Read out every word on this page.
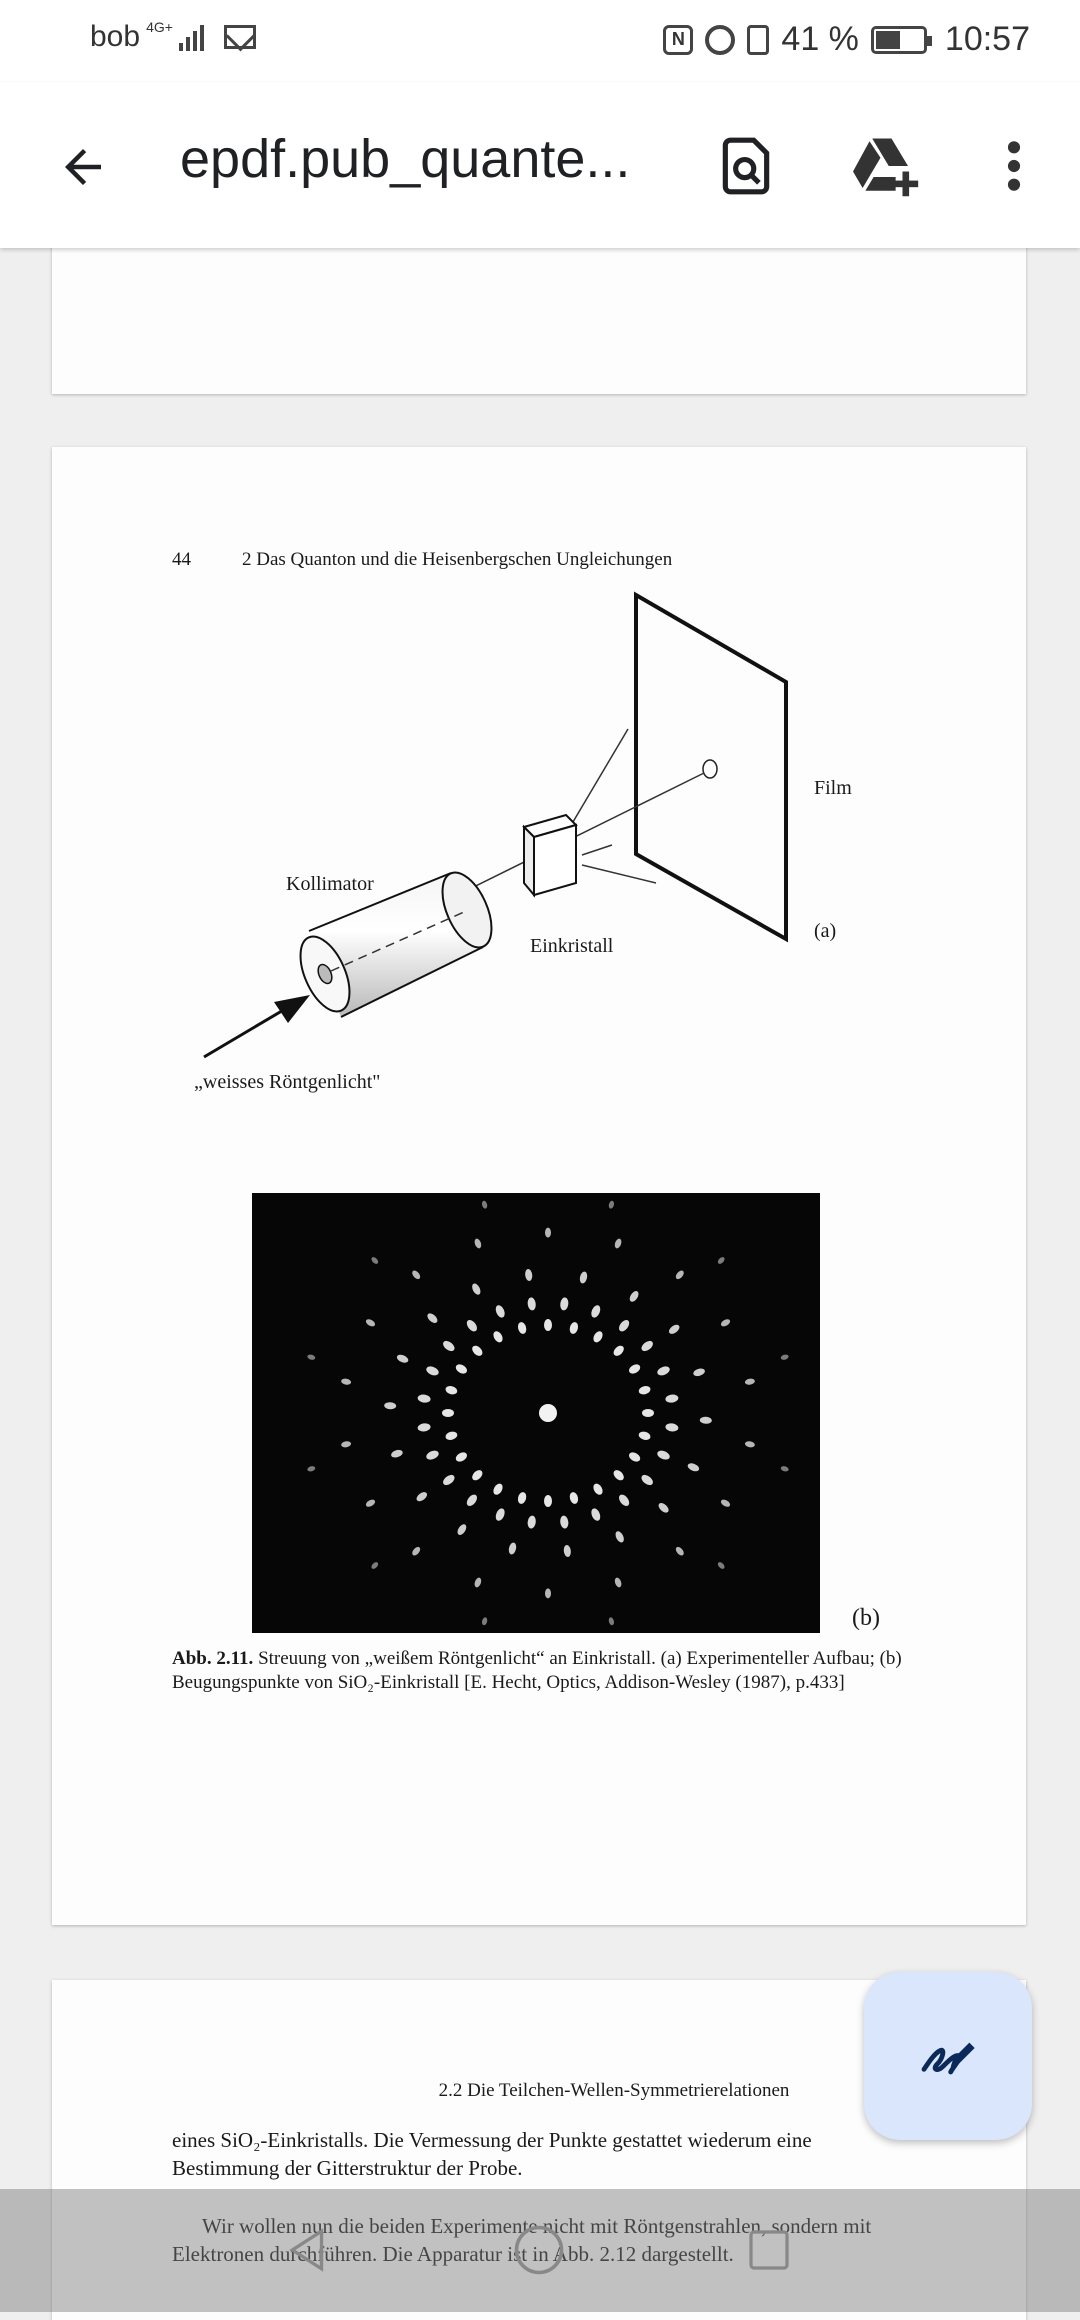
bob 4G+
N	41 %	10:57
epdf.pub_quante...
44	2 Das Quanton und die Heisenbergschen Ungleichungen
Film
(a)
Kollimator
Einkristall
„weisses Röntgenlicht"
(b)
Abb. 2.11. Streuung von „weißem Röntgenlicht“ an Einkristall. (a) Experimenteller Aufbau; (b) Beugungspunkte von SiO₂-Einkristall [E. Hecht, Optics, Addison-Wesley (1987), p.433]
2.2 Die Teilchen-Wellen-Symmetrierelationen
eines SiO₂-Einkristalls. Die Vermessung der Punkte gestattet wiederum eine Bestimmung der Gitterstruktur der Probe.
Wir wollen nun die beiden Experimente nicht mit Röntgenstrahlen, sondern mit Elektronen durchführen. Die Apparatur ist in Abb. 2.12 dargestellt.
